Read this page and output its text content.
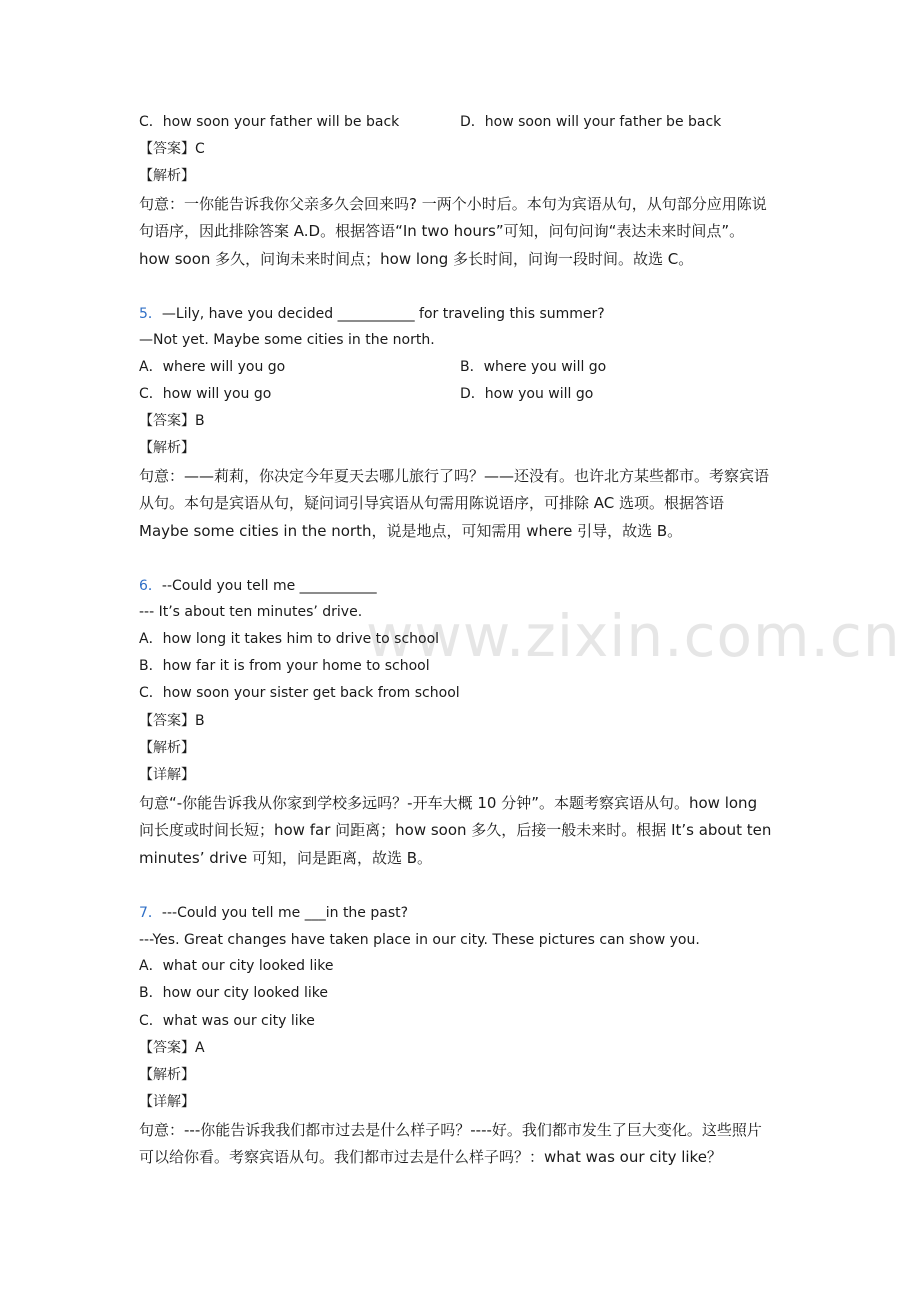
www.zixin.com.cn
C．how soon your father will be back	D．how soon will your father be back
【答案】C
【解析】
句意：一你能告诉我你父亲多久会回来吗? 一两个小时后。本句为宾语从句，从句部分应用陈说句语序，因此排除答案 A.D。根据答语“In two hours”可知，问句问询“表达未来时间点”。how soon 多久，问询未来时间点；how long 多长时间，问询一段时间。故选 C。
5．—Lily, have you decided ___________ for traveling this summer?
—Not yet. Maybe some cities in the north.
A．where will you go	B．where you will go
C．how will you go	D．how you will go
【答案】B
【解析】
句意：——莉莉，你决定今年夏天去哪儿旅行了吗？——还没有。也许北方某些都市。考察宾语从句。本句是宾语从句，疑问词引导宾语从句需用陈说语序，可排除 AC 选项。根据答语 Maybe some cities in the north，说是地点，可知需用 where 引导，故选 B。
6．--Could you tell me ___________
--- It’s about ten minutes’ drive.
A．how long it takes him to drive to school
B．how far it is from your home to school
C．how soon your sister get back from school
【答案】B
【解析】
【详解】
句意“-你能告诉我从你家到学校多远吗？-开车大概 10 分钟”。本题考察宾语从句。how long 问长度或时间长短；how far 问距离；how soon 多久，后接一般未来时。根据 It’s about ten minutes’ drive 可知，问是距离，故选 B。
7．---Could you tell me ___in the past?
---Yes. Great changes have taken place in our city. These pictures can show you.
A．what our city looked like
B．how our city looked like
C．what was our city like
【答案】A
【解析】
【详解】
句意：---你能告诉我我们都市过去是什么样子吗？----好。我们都市发生了巨大变化。这些照片可以给你看。考察宾语从句。我们都市过去是什么样子吗？：what was our city like？
